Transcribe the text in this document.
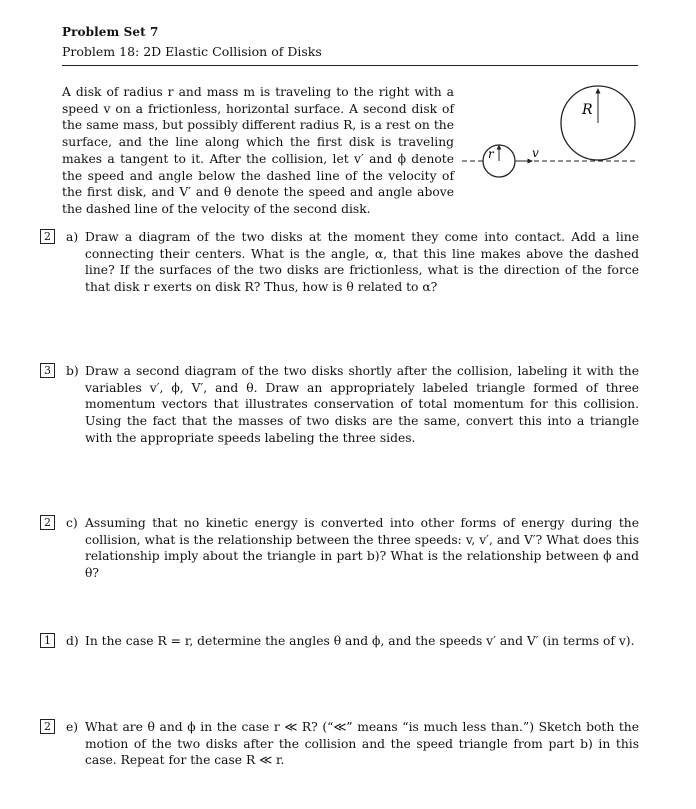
Problem Set 7
Problem 18: 2D Elastic Collision of Disks
A disk of radius r and mass m is traveling to the right with a speed v on a frictionless, horizontal surface. A second disk of the same mass, but possibly different radius R, is a rest on the surface, and the line along which the first disk is traveling makes a tangent to it. After the collision, let v′ and ϕ denote the speed and angle below the dashed line of the velocity of the first disk, and V′ and θ denote the speed and angle above the dashed line of the velocity of the second disk.
r	v
R
2	a) Draw a diagram of the two disks at the moment they come into contact. Add a line connecting their centers. What is the angle, α, that this line makes above the dashed line? If the surfaces of the two disks are frictionless, what is the direction of the force that disk r exerts on disk R? Thus, how is θ related to α?
3	b) Draw a second diagram of the two disks shortly after the collision, labeling it with the variables v′, ϕ, V′, and θ. Draw an appropriately labeled triangle formed of three momentum vectors that illustrates conservation of total momentum for this collision. Using the fact that the masses of two disks are the same, convert this into a triangle with the appropriate speeds labeling the three sides.
2	c) Assuming that no kinetic energy is converted into other forms of energy during the collision, what is the relationship between the three speeds: v, v′, and V′? What does this relationship imply about the triangle in part b)? What is the relationship between ϕ and θ?
1	d) In the case R = r, determine the angles θ and ϕ, and the speeds v′ and V′ (in terms of v).
2	e) What are θ and ϕ in the case r ≪ R? (“≪” means “is much less than.”) Sketch both the motion of the two disks after the collision and the speed triangle from part b) in this case. Repeat for the case R ≪ r.
